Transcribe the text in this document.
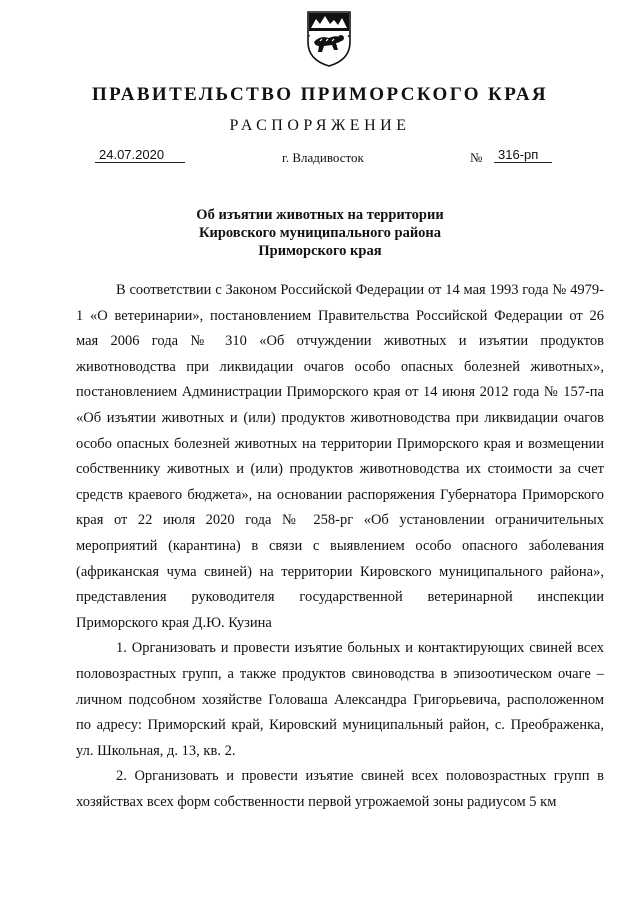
ПРАВИТЕЛЬСТВО ПРИМОРСКОГО КРАЯ
РАСПОРЯЖЕНИЕ
24.07.2020	г. Владивосток	№	316-рп
Об изъятии животных на территории
Кировского муниципального района
Приморского края

В соответствии с Законом Российской Федерации от 14 мая 1993 года № 4979-1 «О ветеринарии», постановлением Правительства Российской Федерации от 26 мая 2006 года № 310 «Об отчуждении животных и изъятии продуктов животноводства при ликвидации очагов особо опасных болезней животных», постановлением Администрации Приморского края от 14 июня 2012 года № 157-па «Об изъятии животных и (или) продуктов животноводства при ликвидации очагов особо опасных болезней животных на территории Приморского края и возмещении собственнику животных и (или) продуктов животноводства их стоимости за счет средств краевого бюджета», на основании распоряжения Губернатора Приморского края от 22 июля 2020 года № 258-рг «Об установлении ограничительных мероприятий (карантина) в связи с выявлением особо опасного заболевания (африканская чума свиней) на территории Кировского муниципального района», представления руководителя государственной ветеринарной инспекции Приморского края Д.Ю. Кузина

1. Организовать и провести изъятие больных и контактирующих свиней всех половозрастных групп, а также продуктов свиноводства в эпизоотическом очаге – личном подсобном хозяйстве Головаша Александра Григорьевича, расположенном по адресу: Приморский край, Кировский муниципальный район, с. Преображенка, ул. Школьная, д. 13, кв. 2.

2. Организовать и провести изъятие свиней всех половозрастных групп в хозяйствах всех форм собственности первой угрожаемой зоны радиусом 5 км
